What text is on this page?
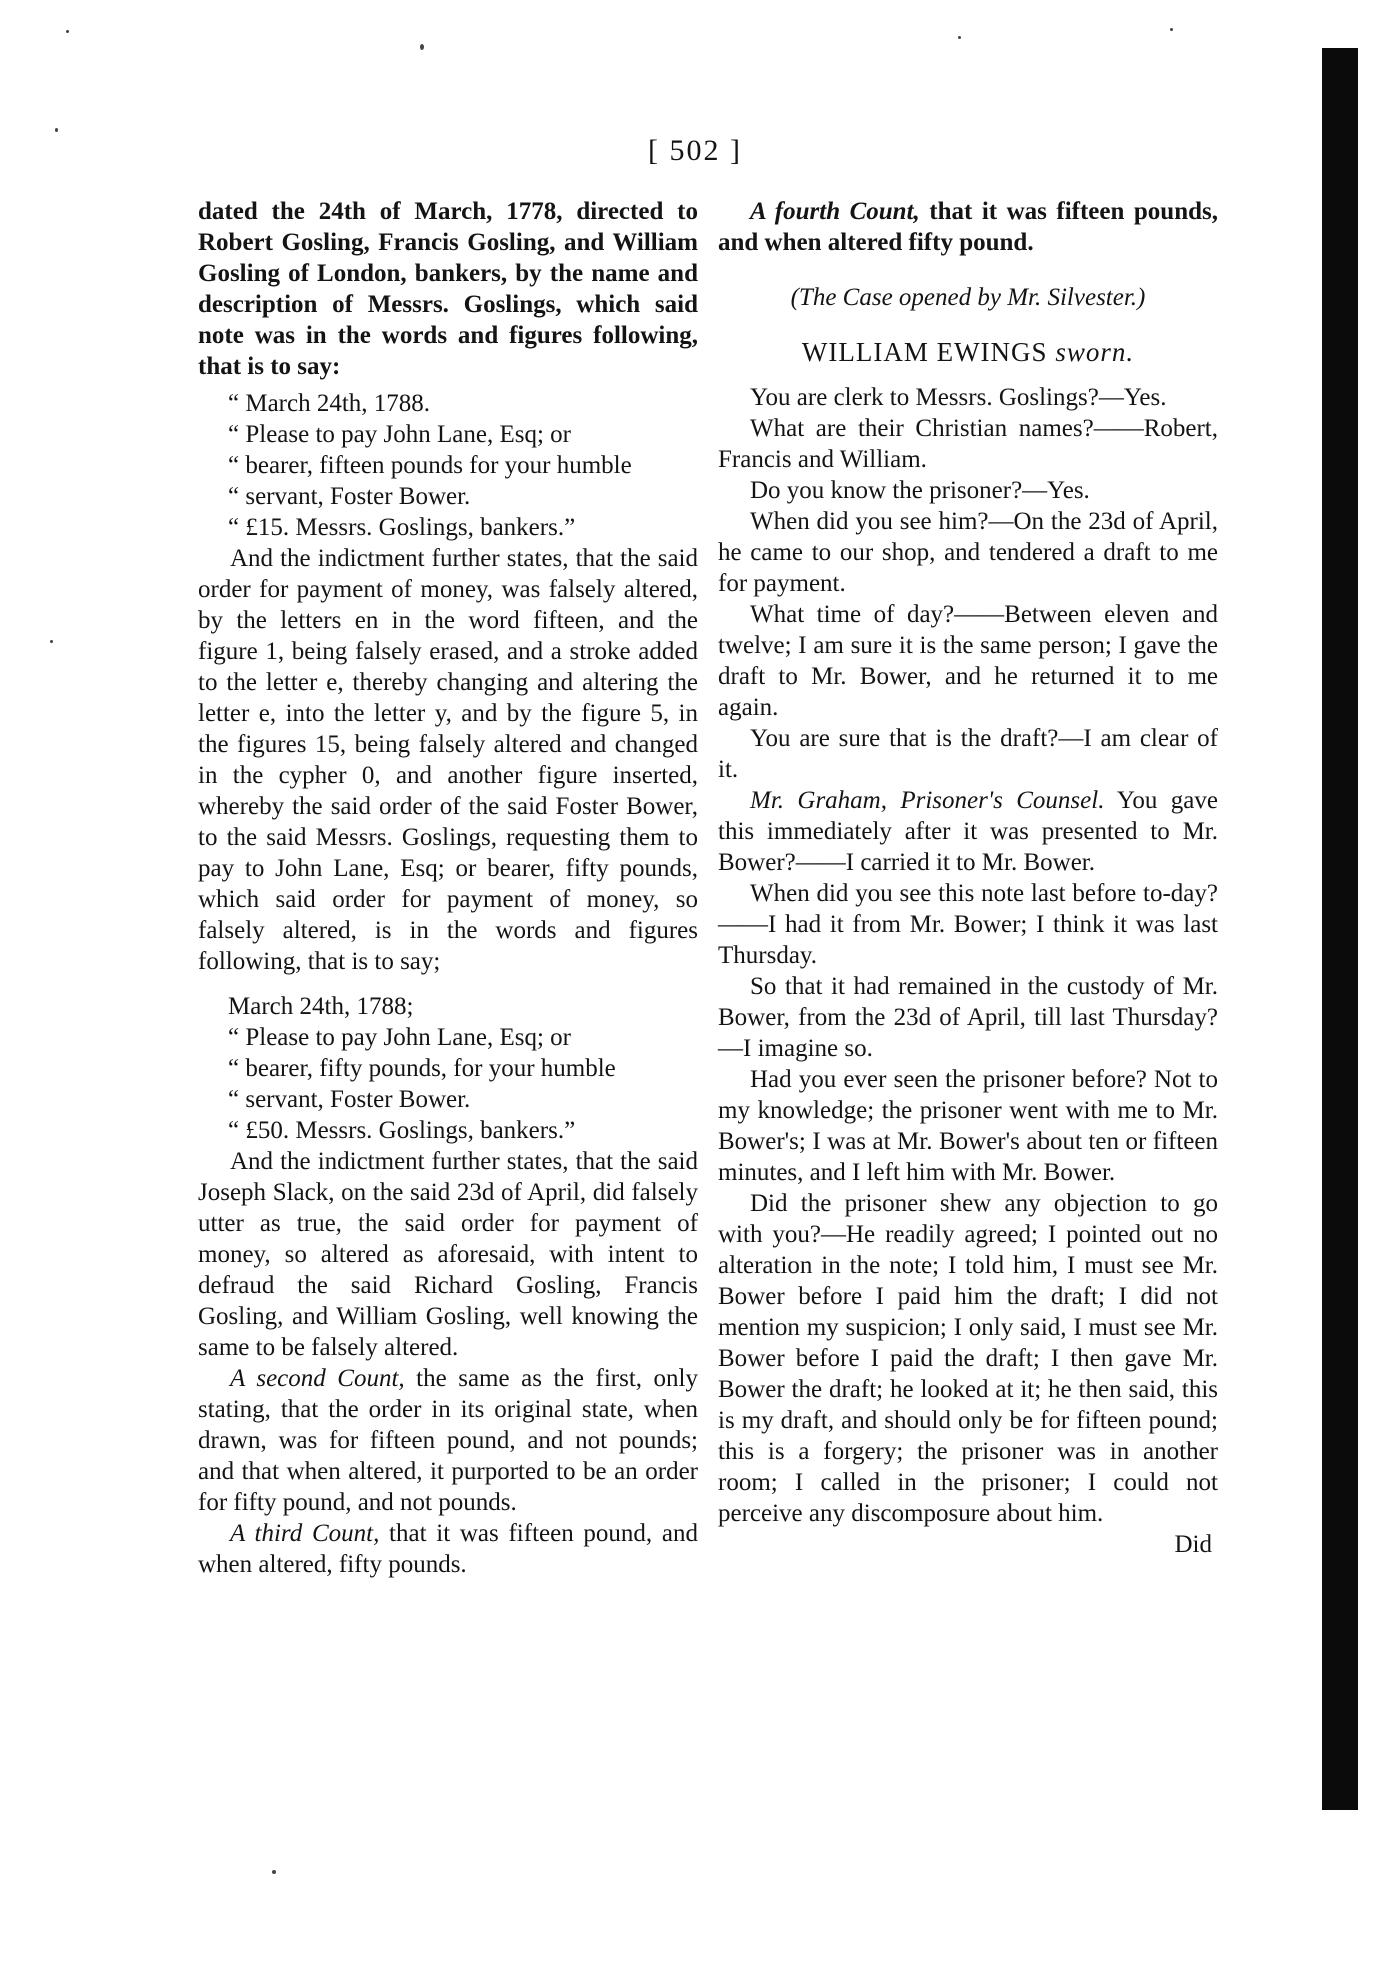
[ 502 ]

dated the 24th of March, 1778, directed to Robert Gosling, Francis Gosling, and William Gosling of London, bankers, by the name and description of Messrs. Goslings, which said note was in the words and figures following, that is to say:

“ March 24th, 1788.

“ Please to pay John Lane, Esq; or

“ bearer, fifteen pounds for your humble

“ servant, Foster Bower.

“ £15. Messrs. Goslings, bankers.”

And the indictment further states, that the said order for payment of money, was falsely altered, by the letters en in the word fifteen, and the figure 1, being falsely erased, and a stroke added to the letter e, thereby changing and altering the letter e, into the letter y, and by the figure 5, in the figures 15, being falsely altered and changed in the cypher 0, and another figure inserted, whereby the said order of the said Foster Bower, to the said Messrs. Goslings, requesting them to pay to John Lane, Esq; or bearer, fifty pounds, which said order for payment of money, so falsely altered, is in the words and figures following, that is to say;

March 24th, 1788;

“ Please to pay John Lane, Esq; or

“ bearer, fifty pounds, for your humble

“ servant, Foster Bower.

“ £50. Messrs. Goslings, bankers.”

And the indictment further states, that the said Joseph Slack, on the said 23d of April, did falsely utter as true, the said order for payment of money, so altered as aforesaid, with intent to defraud the said Richard Gosling, Francis Gosling, and William Gosling, well knowing the same to be falsely altered.

A second Count, the same as the first, only stating, that the order in its original state, when drawn, was for fifteen pound, and not pounds; and that when altered, it purported to be an order for fifty pound, and not pounds.

A third Count, that it was fifteen pound, and when altered, fifty pounds.

A fourth Count, that it was fifteen pounds, and when altered fifty pound.

(The Case opened by Mr. Silvester.)

WILLIAM EWINGS sworn.

You are clerk to Messrs. Goslings?—Yes.

What are their Christian names?——Robert, Francis and William.

Do you know the prisoner?—Yes.

When did you see him?—On the 23d of April, he came to our shop, and tendered a draft to me for payment.

What time of day?——Between eleven and twelve; I am sure it is the same person; I gave the draft to Mr. Bower, and he returned it to me again.

You are sure that is the draft?—I am clear of it.

Mr. Graham, Prisoner's Counsel. You gave this immediately after it was presented to Mr. Bower?——I carried it to Mr. Bower.

When did you see this note last before to-day?——I had it from Mr. Bower; I think it was last Thursday.

So that it had remained in the custody of Mr. Bower, from the 23d of April, till last Thursday?—I imagine so.

Had you ever seen the prisoner before? Not to my knowledge; the prisoner went with me to Mr. Bower's; I was at Mr. Bower's about ten or fifteen minutes, and I left him with Mr. Bower.

Did the prisoner shew any objection to go with you?—He readily agreed; I pointed out no alteration in the note; I told him, I must see Mr. Bower before I paid him the draft; I did not mention my suspicion; I only said, I must see Mr. Bower before I paid the draft; I then gave Mr. Bower the draft; he looked at it; he then said, this is my draft, and should only be for fifteen pound; this is a forgery; the prisoner was in another room; I called in the prisoner; I could not perceive any discomposure about him.

Did
